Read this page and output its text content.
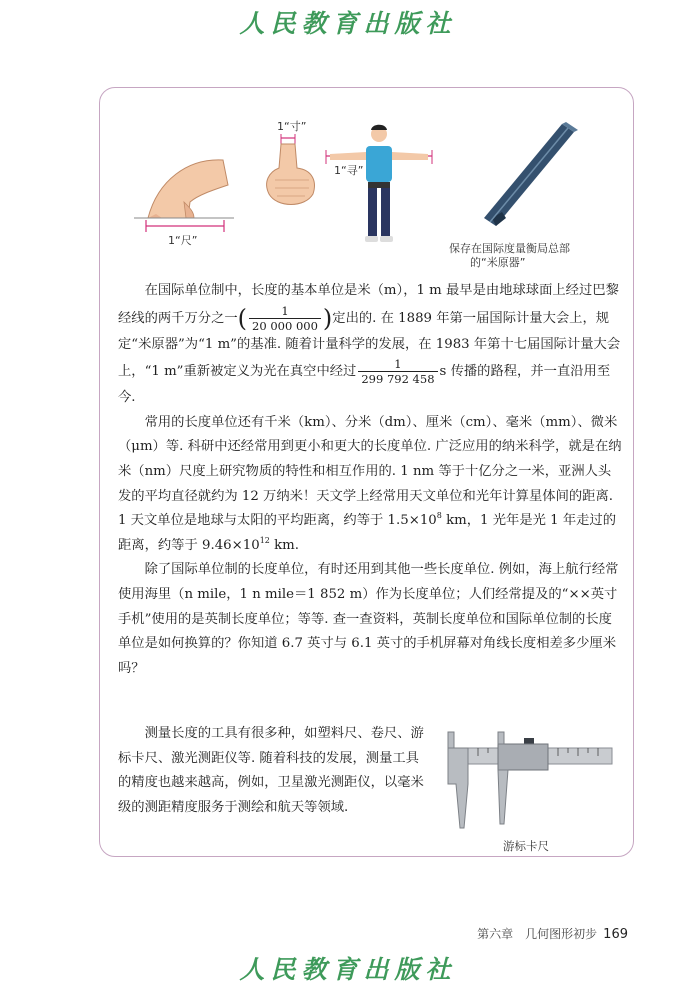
人民教育出版社
1“尺”
1“寸”
1“寻”
保存在国际度量衡局总部
的“米原器”

在国际单位制中，长度的基本单位是米（m），1 m 最早是由地球球面上经过巴黎经线的两千万分之一( $\frac{1}{20 000 000}$ )定出的. 在 1889 年第一届国际计量大会上，规定“米原器”为“1 m”的基准. 随着计量科学的发展，在 1983 年第十七届国际计量大会上，“1 m”重新被定义为光在真空中经过 $\frac{1}{299 792 458}$ s 传播的路程，并一直沿用至今.

常用的长度单位还有千米（km）、分米（dm）、厘米（cm）、毫米（mm）、微米（μm）等. 科研中还经常用到更小和更大的长度单位. 广泛应用的纳米科学，就是在纳米（nm）尺度上研究物质的特性和相互作用的. 1 nm 等于十亿分之一米，亚洲人头发的平均直径就约为 12 万纳米！天文学上经常用天文单位和光年计算星体间的距离. 1 天文单位是地球与太阳的平均距离，约等于 $1.5\times 10^8$ km，1 光年是光 1 年走过的距离，约等于 $9.46\times 10^{12}$ km.

除了国际单位制的长度单位，有时还用到其他一些长度单位. 例如，海上航行经常使用海里（n mile，1 n mile＝1 852 m）作为长度单位；人们经常提及的“××英寸手机”使用的是英制长度单位；等等. 查一查资料，英制长度单位和国际单位制的长度单位是如何换算的？你知道 6.7 英寸与 6.1 英寸的手机屏幕对角线长度相差多少厘米吗？

测量长度的工具有很多种，如塑料尺、卷尺、游标卡尺、激光测距仪等. 随着科技的发展，测量工具的精度也越来越高，例如，卫星激光测距仪，以毫米级的测距精度服务于测绘和航天等领域.

游标卡尺
第六章　几何图形初步 169
人民教育出版社
